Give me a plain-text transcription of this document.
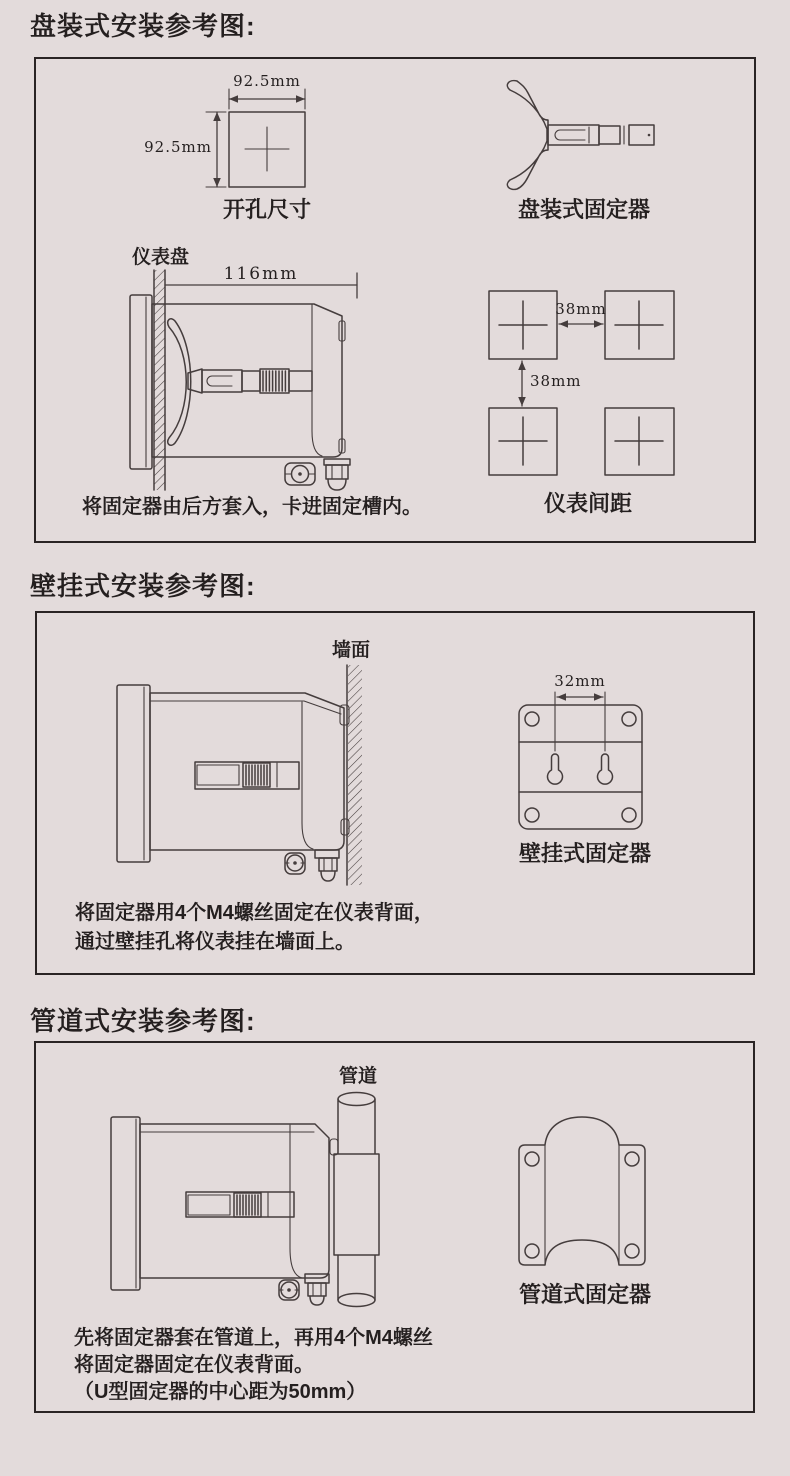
盘装式安装参考图:
92.5mm
92.5mm
开孔尺寸	盘装式固定器
仪表盘
116mm
将固定器由后方套入，卡进固定槽内。
38mm
38mm
仪表间距
壁挂式安装参考图:
墙面
32mm
壁挂式固定器
将固定器用4个M4螺丝固定在仪表背面，
通过壁挂孔将仪表挂在墙面上。
管道式安装参考图:
管道
管道式固定器
先将固定器套在管道上，再用4个M4螺丝
将固定器固定在仪表背面。
（U型固定器的中心距为50mm）
